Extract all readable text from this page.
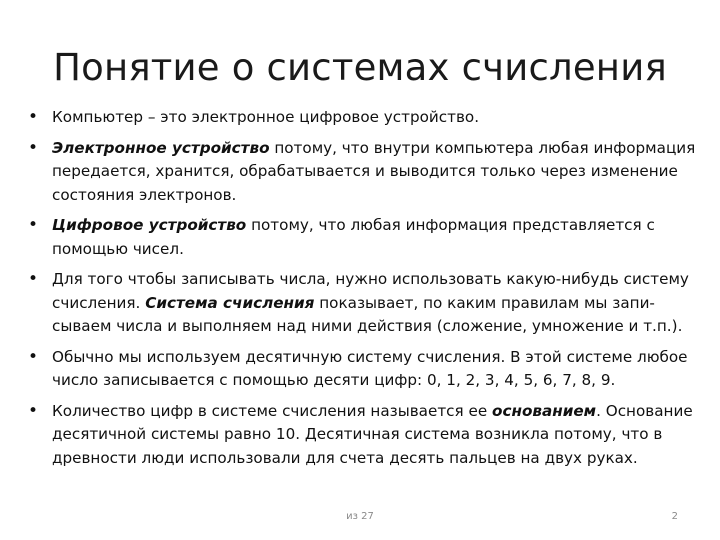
Понятие о системах счисления
• Компьютер – это электронное цифровое устройство.
• Электронное устройство потому, что внутри компьютера любая информация передается, хранится, обрабатывается и выводится только через изменение состояния электронов.
• Цифровое устройство потому, что любая информация представляется с помощью чисел.
• Для того чтобы записывать числа, нужно использовать какую-нибудь систему счисления. Система счисления показывает, по каким правилам мы запи-сываем числа и выполняем над ними действия (сложение, умножение и т.п.).
• Обычно мы используем десятичную систему счисления. В этой системе любое число записывается с помощью десяти цифр: 0, 1, 2, 3, 4, 5, 6, 7, 8, 9.
• Количество цифр в системе счисления называется ее основанием. Основание десятичной системы равно 10. Десятичная система возникла потому, что в древности люди использовали для счета десять пальцев на двух руках.
из 27	2
